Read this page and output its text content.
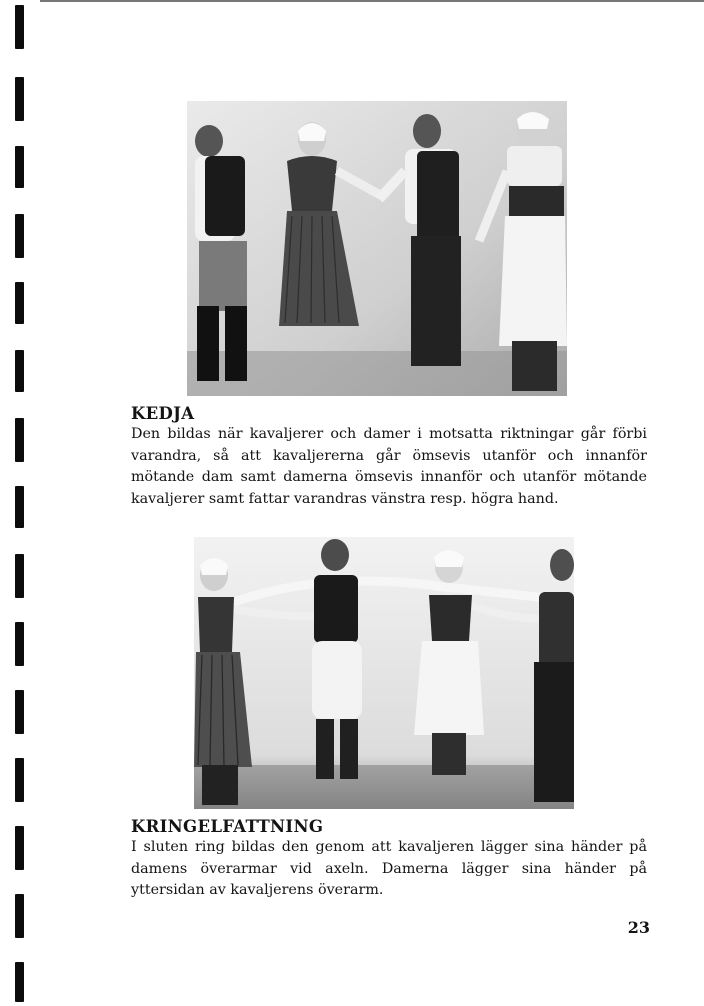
KEDJA
Den bildas när kavaljerer och damer i motsatta riktningar går förbi varandra, så att kavaljererna går ömsevis utanför och innanför mötande dam samt damerna ömsevis innanför och utanför mötande kavaljerer samt fattar varandras vänstra resp. högra hand.
KRINGELFATTNING
I sluten ring bildas den genom att kavaljeren lägger sina händer på damens överarmar vid axeln. Damerna lägger sina händer på yttersidan av kavaljerens överarm.
23
